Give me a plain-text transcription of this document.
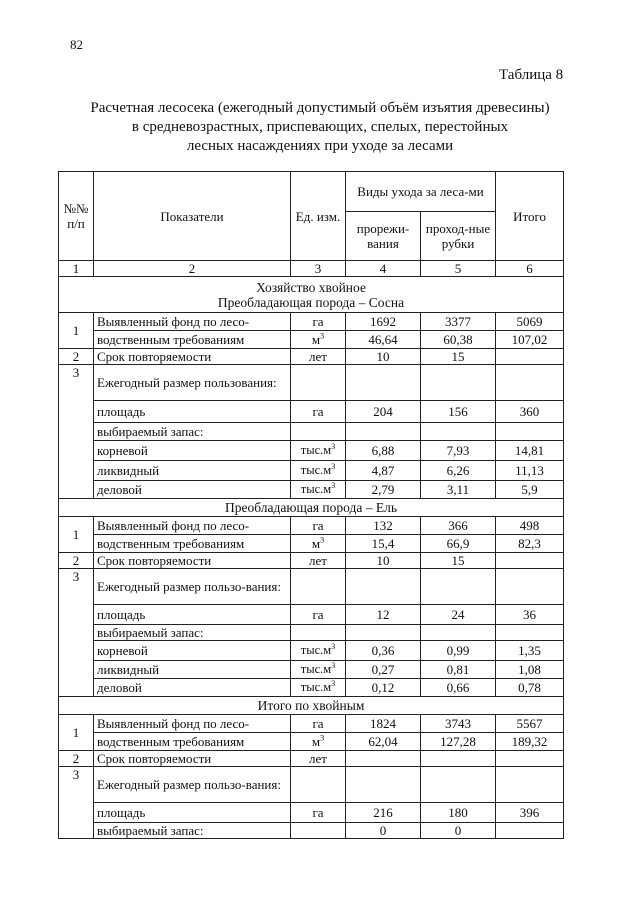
82
Таблица 8
Расчетная лесосека (ежегодный допустимый объём изъятия древесины)
в средневозрастных, приспевающих, спелых, перестойных
лесных насаждениях при уходе за лесами
№№ п/п	Показатели	Ед. изм.	Виды ухода за леса-ми		Итого
			прорежи-вания	проход-ные рубки	
1	2	3	4	5	6

Хозяйство хвойное
Преобладающая порода – Сосна					

1	Выявленный фонд по лесо-	га	1692	3377	5069
	водственным требованиям	$м^3$	46,64	60,38	107,02
2	Срок повторяемости	лет	10	15	
3	Ежегодный размер пользования:				
	площадь	га	204	156	360
	выбираемый запас:				
	корневой	$тыс.м^3$	6,88	7,93	14,81
	ликвидный	$тыс.м^3$	4,87	6,26	11,13
	деловой	$тыс.м^3$	2,79	3,11	5,9
Преобладающая порода – Ель					
1	Выявленный фонд по лесо-	га	132	366	498
	водственным требованиям	$м^3$	15,4	66,9	82,3
2	Срок повторяемости	лет	10	15	
3	Ежегодный размер пользо-вания:				
	площадь	га	12	24	36
	выбираемый запас:				
	корневой	$тыс.м^3$	0,36	0,99	1,35
	ликвидный	$тыс.м^3$	0,27	0,81	1,08
	деловой	$тыс.м^3$	0,12	0,66	0,78
Итого по хвойным					
1	Выявленный фонд по лесо-	га	1824	3743	5567
	водственным требованиям	$м^3$	62,04	127,28	189,32
2	Срок повторяемости	лет			
3	Ежегодный размер пользо-вания:				
	площадь	га	216	180	396
	выбираемый запас:		0	0	
